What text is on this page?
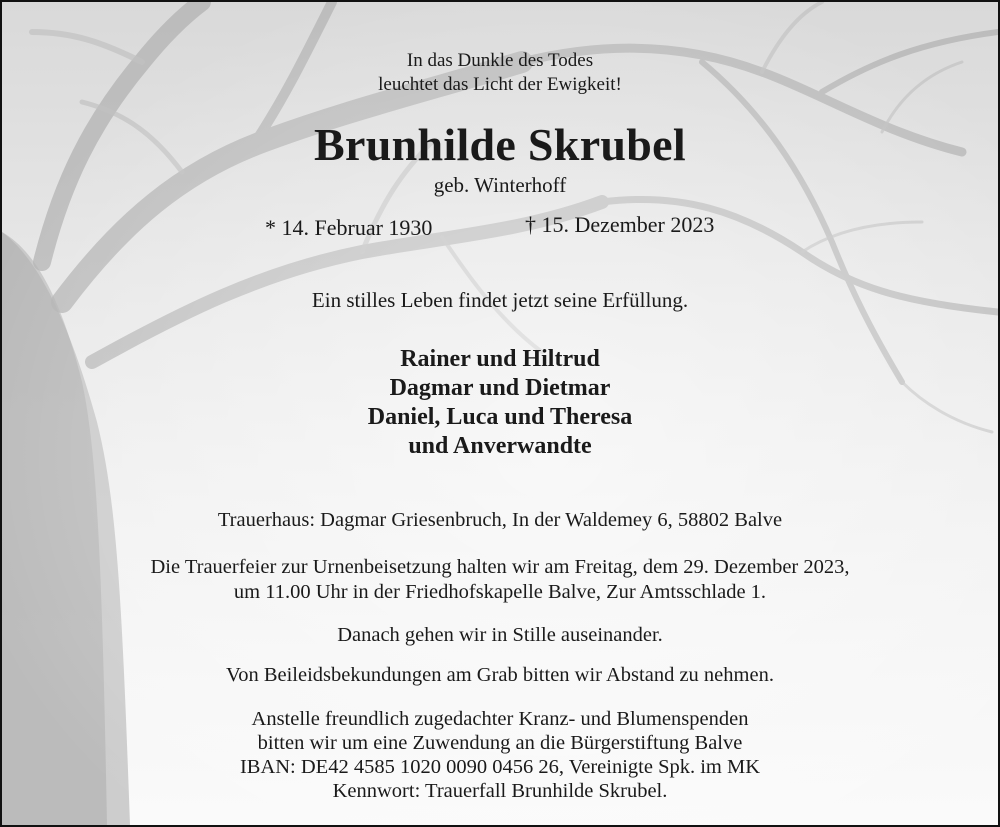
In das Dunkle des Todes
leuchtet das Licht der Ewigkeit!
Brunhilde Skrubel
geb. Winterhoff
* 14. Februar 1930	† 15. Dezember 2023
Ein stilles Leben findet jetzt seine Erfüllung.
Rainer und Hiltrud
Dagmar und Dietmar
Daniel, Luca und Theresa
und Anverwandte
Trauerhaus: Dagmar Griesenbruch, In der Waldemey 6, 58802 Balve
Die Trauerfeier zur Urnenbeisetzung halten wir am Freitag, dem 29. Dezember 2023,
um 11.00 Uhr in der Friedhofskapelle Balve, Zur Amtsschlade 1.
Danach gehen wir in Stille auseinander.
Von Beileidsbekundungen am Grab bitten wir Abstand zu nehmen.
Anstelle freundlich zugedachter Kranz- und Blumenspenden
bitten wir um eine Zuwendung an die Bürgerstiftung Balve
IBAN: DE42 4585 1020 0090 0456 26, Vereinigte Spk. im MK
Kennwort: Trauerfall Brunhilde Skrubel.
